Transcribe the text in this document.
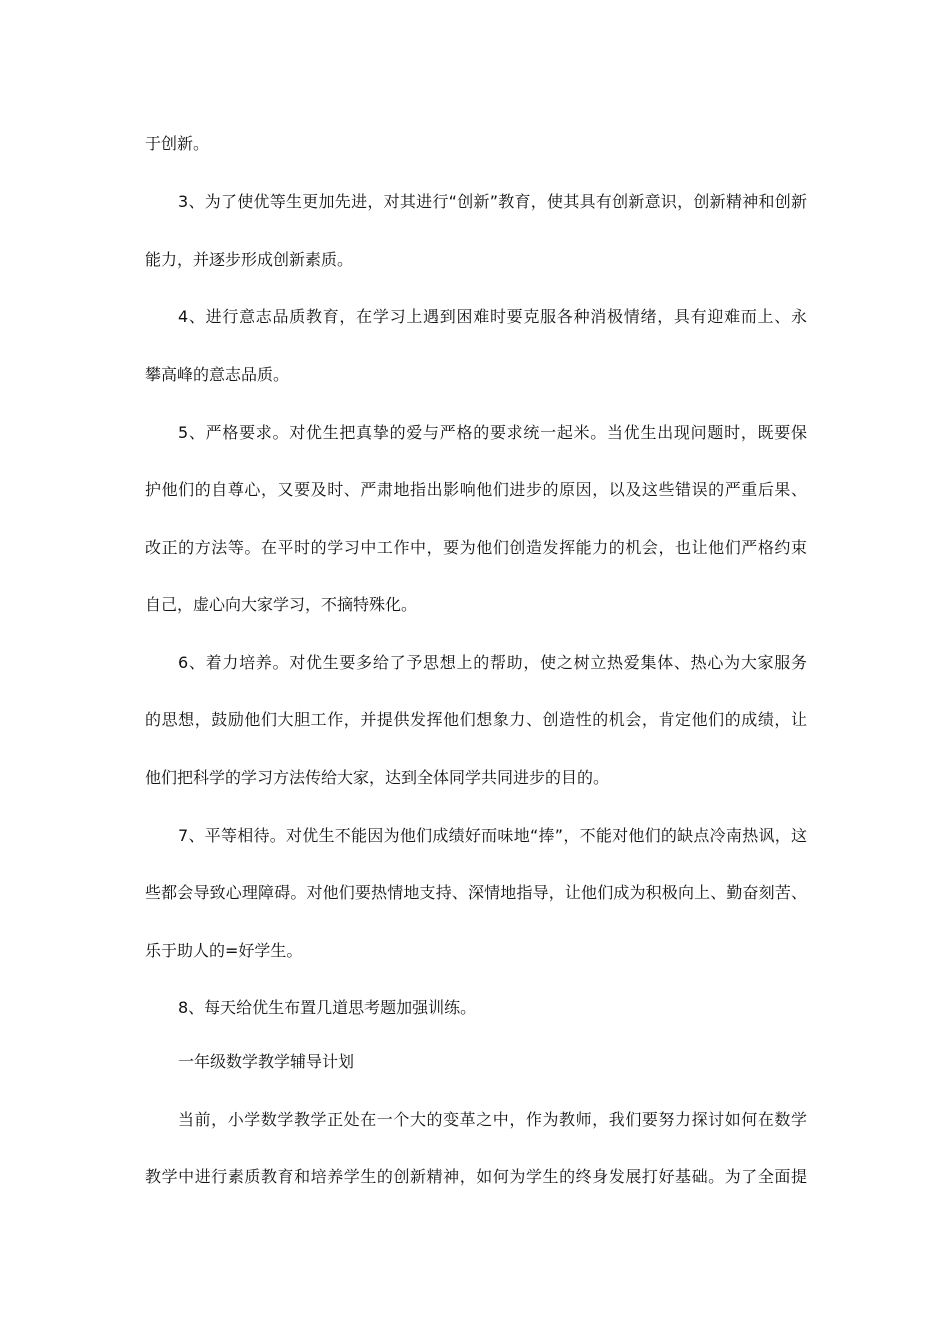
于创新。
3、为了使优等生更加先进，对其进行“创新”教育，使其具有创新意识，创新精神和创新
能力，并逐步形成创新素质。
4、进行意志品质教育，在学习上遇到困难时要克服各种消极情绪，具有迎难而上、永
攀高峰的意志品质。
5、严格要求。对优生把真挚的爱与严格的要求统一起米。当优生出现问题时，既要保
护他们的自尊心，又要及时、严肃地指出影响他们进步的原因，以及这些错误的严重后果、
改正的方法等。在平时的学习中工作中，要为他们创造发挥能力的机会，也让他们严格约束
自己，虚心向大家学习，不摘特殊化。
6、着力培养。对优生要多给了予思想上的帮助，使之树立热爱集体、热心为大家服务
的思想，鼓励他们大胆工作，并提供发挥他们想象力、创造性的机会，肯定他们的成绩，让
他们把科学的学习方法传给大家，达到全体同学共同进步的目的。
7、平等相待。对优生不能因为他们成绩好而味地“捧”，不能对他们的缺点冷南热讽，这
些都会导致心理障碍。对他们要热情地支持、深情地指导，让他们成为积极向上、勤奋刻苦、
乐于助人的=好学生。
8、每天给优生布置几道思考题加强训练。
一年级数学教学辅导计划
当前，小学数学教学正处在一个大的变革之中，作为教师，我们要努力探讨如何在数学
教学中进行素质教育和培养学生的创新精神，如何为学生的终身发展打好基础。为了全面提
